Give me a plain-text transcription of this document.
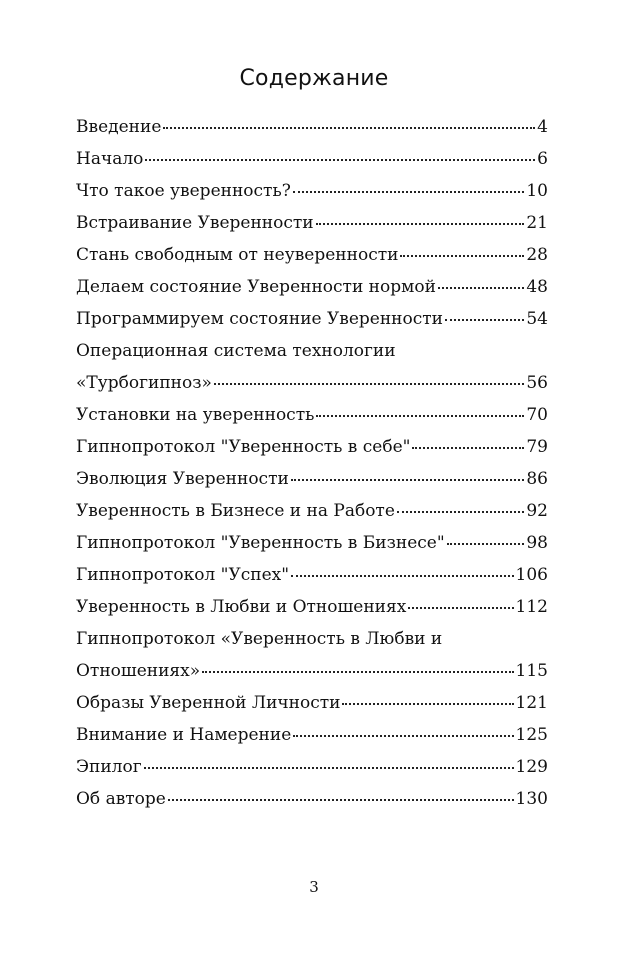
Содержание
Введение	4
Начало	6
Что такое уверенность?	10
Встраивание Уверенности	21
Стань свободным от неуверенности	28
Делаем состояние Уверенности нормой	48
Программируем состояние Уверенности	54
Операционная система технологии
«Турбогипноз»	56
Установки на уверенность	70
Гипнопротокол "Уверенность в себе"	79
Эволюция Уверенности	86
Уверенность в Бизнесе и на Работе	92
Гипнопротокол "Уверенность в Бизнесе"	98
Гипнопротокол "Успех"	106
Уверенность в Любви и Отношениях	112
Гипнопротокол «Уверенность в Любви и
Отношениях»	115
Образы Уверенной Личности	121
Внимание и Намерение	125
Эпилог	129
Об авторе	130
3
